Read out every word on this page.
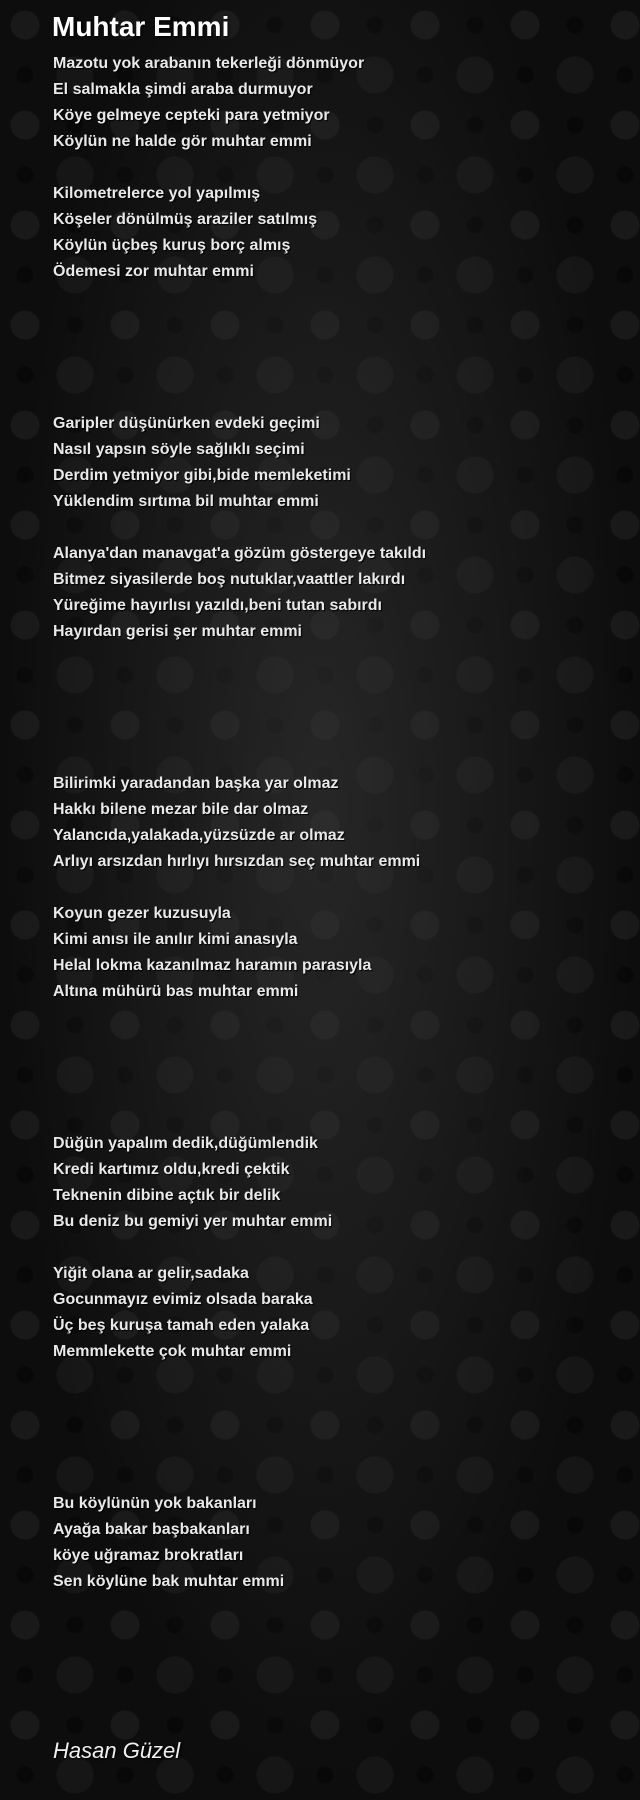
Muhtar Emmi
Mazotu yok arabanın tekerleği dönmüyor
El salmakla şimdi araba durmuyor
Köye gelmeye cepteki para yetmiyor
Köylün ne halde gör muhtar emmi
Kilometrelerce yol yapılmış
Köşeler dönülmüş araziler satılmış
Köylün üçbeş kuruş borç almış
Ödemesi zor muhtar emmi
Garipler düşünürken evdeki geçimi
Nasıl yapsın söyle sağlıklı seçimi
Derdim yetmiyor gibi,bide memleketimi
Yüklendim sırtıma bil muhtar emmi
Alanya'dan manavgat'a gözüm göstergeye takıldı
Bitmez siyasilerde boş nutuklar,vaattler lakırdı
Yüreğime hayırlısı yazıldı,beni tutan sabırdı
Hayırdan gerisi şer muhtar emmi
Bilirimki yaradandan başka yar olmaz
Hakkı bilene mezar bile dar olmaz
Yalancıda,yalakada,yüzsüzde ar olmaz
Arlıyı arsızdan hırlıyı hırsızdan seç muhtar emmi
Koyun gezer kuzusuyla
Kimi anısı ile anılır kimi anasıyla
Helal lokma kazanılmaz haramın parasıyla
Altına mühürü bas muhtar emmi
Düğün yapalım dedik,düğümlendik
Kredi kartımız oldu,kredi çektik
Teknenin dibine açtık bir delik
Bu deniz bu gemiyi yer muhtar emmi
Yiğit olana ar gelir,sadaka
Gocunmayız evimiz olsada baraka
Üç beş kuruşa tamah eden yalaka
Memmlekette çok muhtar emmi
Bu köylünün yok bakanları
Ayağa bakar başbakanları
köye uğramaz brokratları
Sen köylüne bak muhtar emmi
Hasan Güzel
